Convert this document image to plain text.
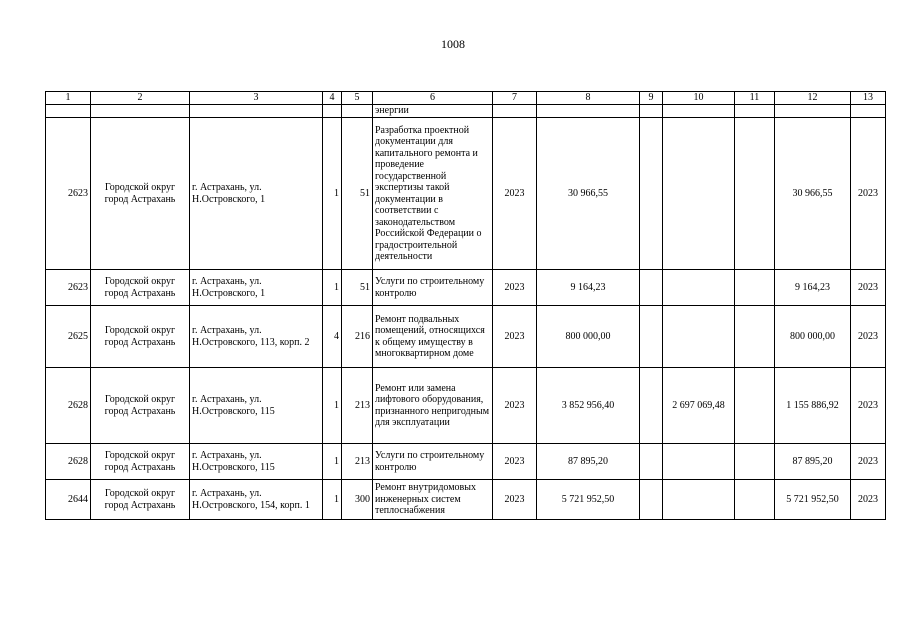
1008
1	2	3	4	5	6	7	8	9	10	11	12	13
					энергии							
2623	Городской округ город Астрахань	г. Астрахань, ул. Н.Островского, 1	1	51	Разработка проектной документации для капитального ремонта и проведение государственной экспертизы такой документации в соответствии с законодательством Российской Федерации о градостроительной деятельности	2023	30 966,55				30 966,55	2023
2623	Городской округ город Астрахань	г. Астрахань, ул. Н.Островского, 1	1	51	Услуги по строительному контролю	2023	9 164,23				9 164,23	2023
2625	Городской округ город Астрахань	г. Астрахань, ул. Н.Островского, 113, корп. 2	4	216	Ремонт подвальных помещений, относящихся к общему имуществу в многоквартирном доме	2023	800 000,00				800 000,00	2023
2628	Городской округ город Астрахань	г. Астрахань, ул. Н.Островского, 115	1	213	Ремонт или замена лифтового оборудования, признанного непригодным для эксплуатации	2023	3 852 956,40		2 697 069,48		1 155 886,92	2023
2628	Городской округ город Астрахань	г. Астрахань, ул. Н.Островского, 115	1	213	Услуги по строительному контролю	2023	87 895,20				87 895,20	2023
2644	Городской округ город Астрахань	г. Астрахань, ул. Н.Островского, 154, корп. 1	1	300	Ремонт внутридомовых инженерных систем теплоснабжения	2023	5 721 952,50				5 721 952,50	2023
